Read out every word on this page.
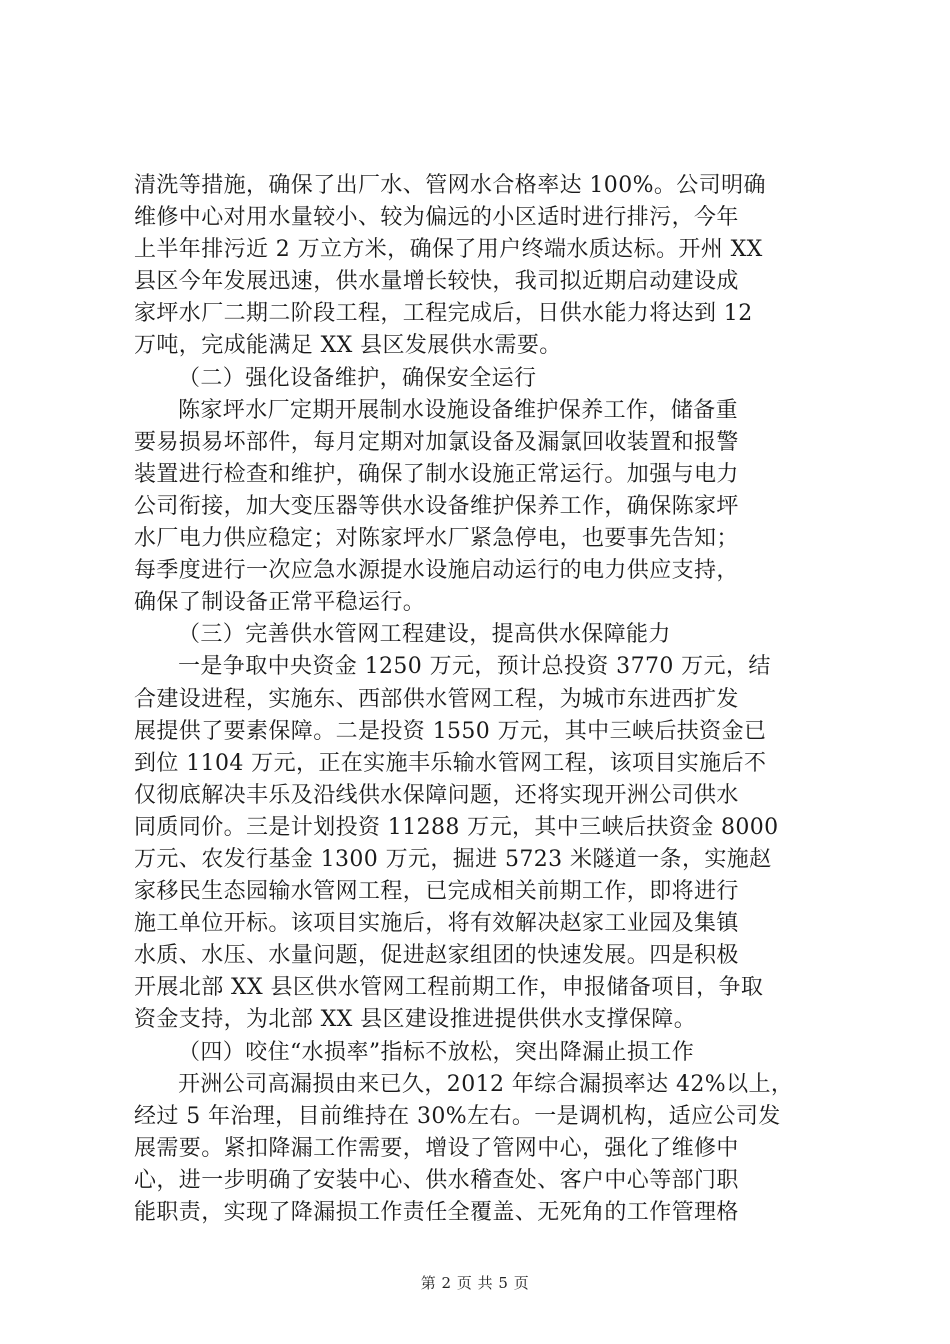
清洗等措施，确保了出厂水、管网水合格率达 100%。公司明确
维修中心对用水量较小、较为偏远的小区适时进行排污，今年
上半年排污近 2 万立方米，确保了用户终端水质达标。开州 XX
县区今年发展迅速，供水量增长较快，我司拟近期启动建设成
家坪水厂二期二阶段工程，工程完成后，日供水能力将达到 12
万吨，完成能满足 XX 县区发展供水需要。
（二）强化设备维护，确保安全运行
陈家坪水厂定期开展制水设施设备维护保养工作，储备重
要易损易坏部件，每月定期对加氯设备及漏氯回收装置和报警
装置进行检查和维护，确保了制水设施正常运行。加强与电力
公司衔接，加大变压器等供水设备维护保养工作，确保陈家坪
水厂电力供应稳定；对陈家坪水厂紧急停电，也要事先告知；
每季度进行一次应急水源提水设施启动运行的电力供应支持，
确保了制设备正常平稳运行。
（三）完善供水管网工程建设，提高供水保障能力
一是争取中央资金 1250 万元，预计总投资 3770 万元，结
合建设进程，实施东、西部供水管网工程，为城市东进西扩发
展提供了要素保障。二是投资 1550 万元，其中三峡后扶资金已
到位 1104 万元，正在实施丰乐输水管网工程，该项目实施后不
仅彻底解决丰乐及沿线供水保障问题，还将实现开洲公司供水
同质同价。三是计划投资 11288 万元，其中三峡后扶资金 8000
万元、农发行基金 1300 万元，掘进 5723 米隧道一条，实施赵
家移民生态园输水管网工程，已完成相关前期工作，即将进行
施工单位开标。该项目实施后，将有效解决赵家工业园及集镇
水质、水压、水量问题，促进赵家组团的快速发展。四是积极
开展北部 XX 县区供水管网工程前期工作，申报储备项目，争取
资金支持，为北部 XX 县区建设推进提供供水支撑保障。
（四）咬住“水损率”指标不放松，突出降漏止损工作
开洲公司高漏损由来已久，2012 年综合漏损率达 42%以上，
经过 5 年治理，目前维持在 30%左右。一是调机构，适应公司发
展需要。紧扣降漏工作需要，增设了管网中心，强化了维修中
心，进一步明确了安装中心、供水稽查处、客户中心等部门职
能职责，实现了降漏损工作责任全覆盖、无死角的工作管理格
第 2 页 共 5 页
